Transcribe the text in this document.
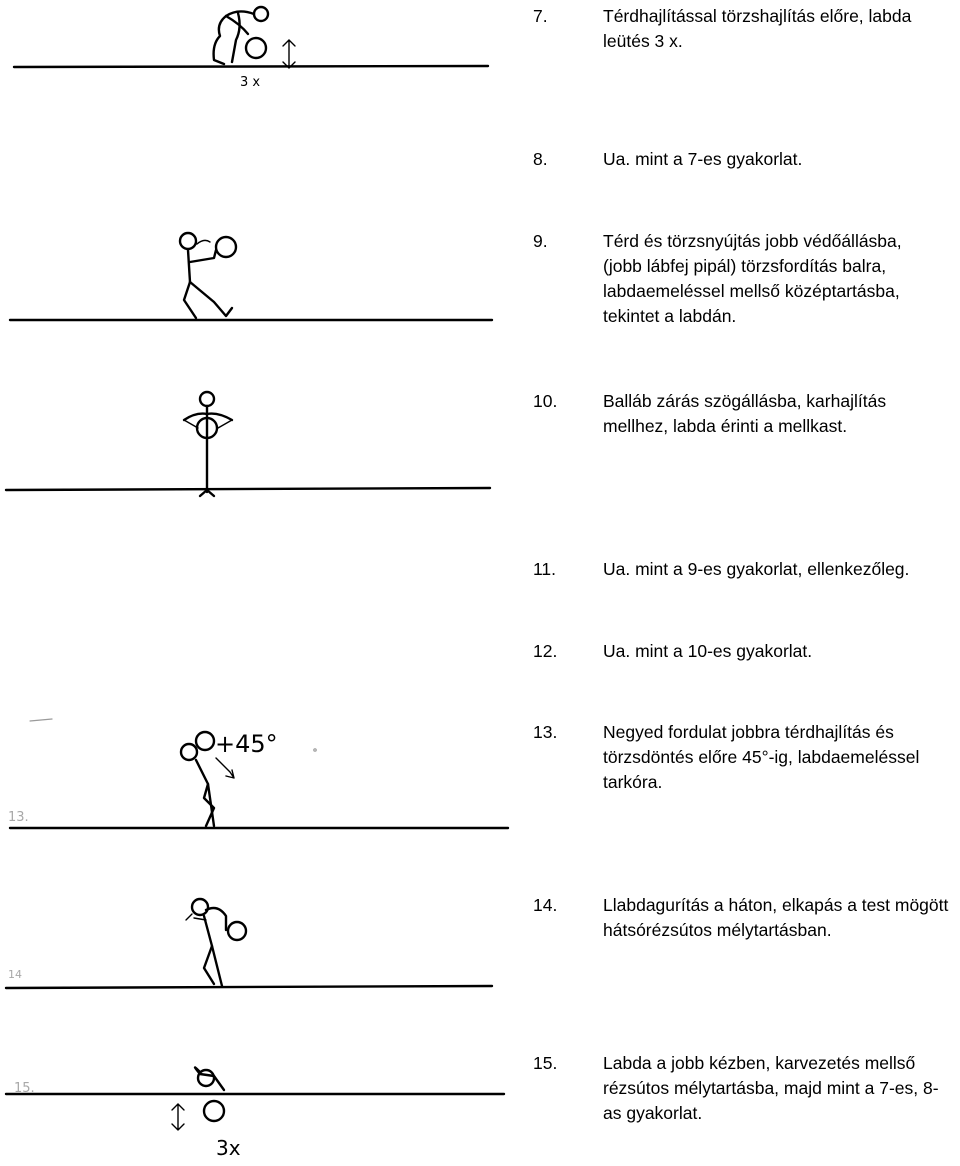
3 x
+45°
13.
14
3x
15.
7.	Térdhajlítással törzshajlítás előre, labda leütés 3 x.
8.	Ua. mint a 7-es gyakorlat.
9.	Térd és törzsnyújtás jobb védőállásba, (jobb lábfej pipál) törzsfordítás balra, labdaemeléssel mellső középtartásba, tekintet a labdán.
10.	Balláb zárás szögállásba, karhajlítás mellhez, labda érinti a mellkast.
11.	Ua. mint a 9-es gyakorlat, ellenkezőleg.
12.	Ua. mint a 10-es gyakorlat.
13.	Negyed fordulat jobbra térdhajlítás és törzsdöntés előre 45°-ig, labdaemeléssel tarkóra.
14.	Llabdagurítás a háton, elkapás a test mögött hátsórézsútos mélytartásban.
15.	Labda a jobb kézben, karvezetés mellső rézsútos mélytartásba, majd mint a 7-es, 8-as gyakorlat.
